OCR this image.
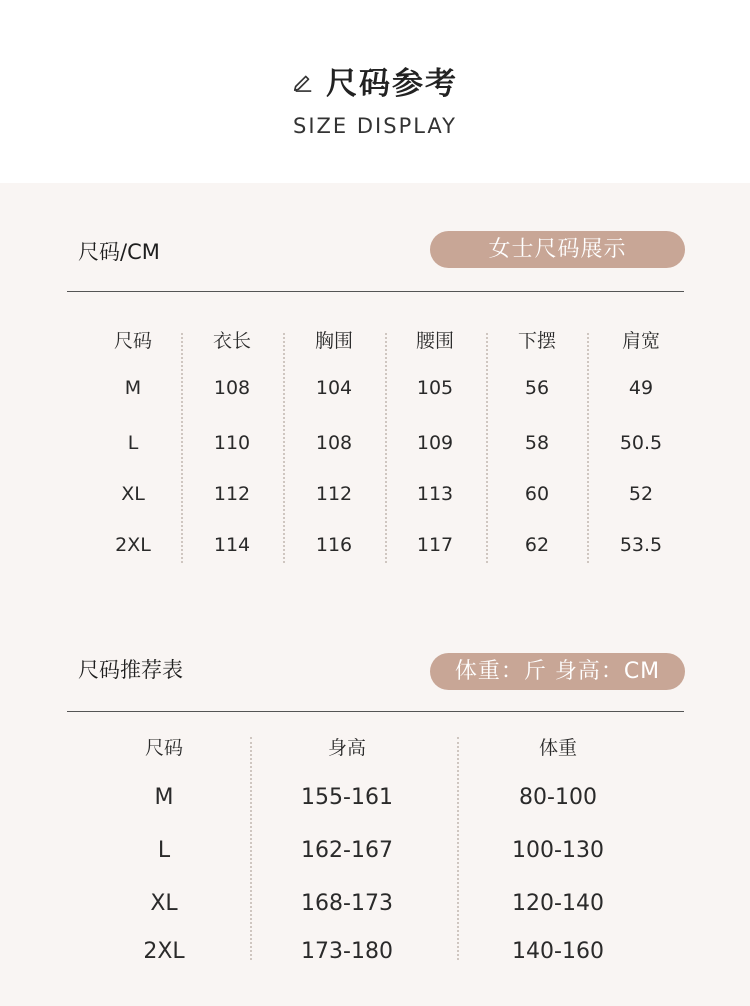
尺码参考
SIZE DISPLAY
尺码/CM	女士尺码展示
尺码	衣长	胸围	腰围	下摆	肩宽
M	108	104	105	56	49
L	110	108	109	58	50.5
XL	112	112	113	60	52
2XL	114	116	117	62	53.5
尺码推荐表	体重：斤 身高：CM
尺码	身高	体重
M	155-161	80-100
L	162-167	100-130
XL	168-173	120-140
2XL	173-180	140-160
